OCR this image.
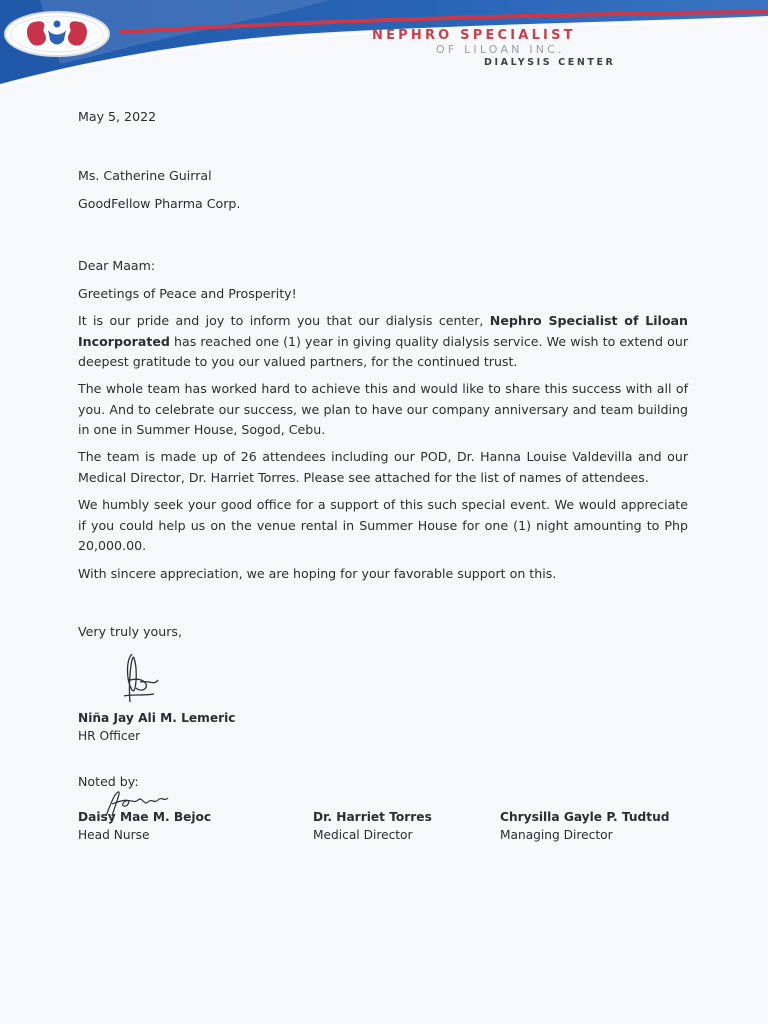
NEPHRO SPECIALIST
OF LILOAN INC.
DIALYSIS CENTER
May 5, 2022
Ms. Catherine Guirral
GoodFellow Pharma Corp.
Dear Maam:
Greetings of Peace and Prosperity!
It is our pride and joy to inform you that our dialysis center, Nephro Specialist of Liloan Incorporated has reached one (1) year in giving quality dialysis service. We wish to extend our deepest gratitude to you our valued partners, for the continued trust.
The whole team has worked hard to achieve this and would like to share this success with all of you. And to celebrate our success, we plan to have our company anniversary and team building in one in Summer House, Sogod, Cebu.
The team is made up of 26 attendees including our POD, Dr. Hanna Louise Valdevilla and our Medical Director, Dr. Harriet Torres. Please see attached for the list of names of attendees.
We humbly seek your good office for a support of this such special event. We would appreciate if you could help us on the venue rental in Summer House for one (1) night amounting to Php 20,000.00.
With sincere appreciation, we are hoping for your favorable support on this.
Very truly yours,
Niña Jay Ali M. Lemeric
HR Officer
Noted by:
Daisy Mae M. Bejoc
Head Nurse
Dr. Harriet Torres
Medical Director
Chrysilla Gayle P. Tudtud
Managing Director
